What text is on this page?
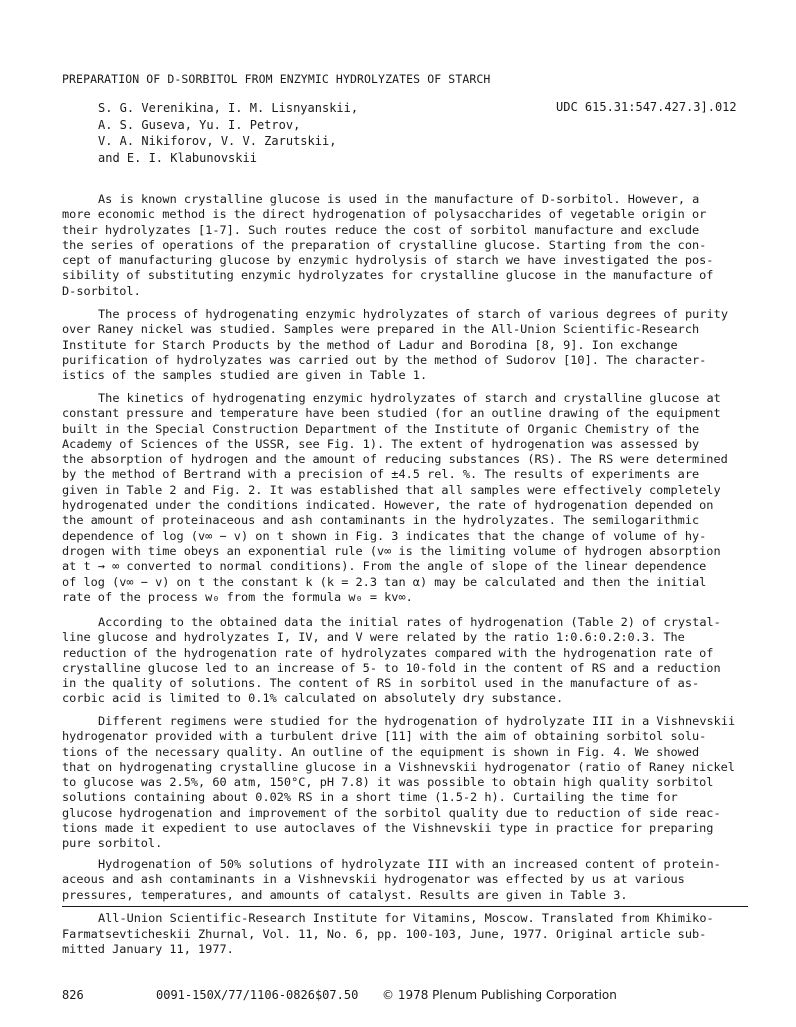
PREPARATION OF D-SORBITOL FROM ENZYMIC HYDROLYZATES OF STARCH
S. G. Verenikina, I. M. Lisnyanskii,
A. S. Guseva, Yu. I. Petrov,
V. A. Nikiforov, V. V. Zarutskii,
and E. I. Klabunovskii
UDC 615.31:547.427.3].012
As is known crystalline glucose is used in the manufacture of D-sorbitol. However, a
more economic method is the direct hydrogenation of polysaccharides of vegetable origin or
their hydrolyzates [1-7]. Such routes reduce the cost of sorbitol manufacture and exclude
the series of operations of the preparation of crystalline glucose. Starting from the con-
cept of manufacturing glucose by enzymic hydrolysis of starch we have investigated the pos-
sibility of substituting enzymic hydrolyzates for crystalline glucose in the manufacture of
D-sorbitol.
The process of hydrogenating enzymic hydrolyzates of starch of various degrees of purity
over Raney nickel was studied. Samples were prepared in the All-Union Scientific-Research
Institute for Starch Products by the method of Ladur and Borodina [8, 9]. Ion exchange
purification of hydrolyzates was carried out by the method of Sudorov [10]. The character-
istics of the samples studied are given in Table 1.
The kinetics of hydrogenating enzymic hydrolyzates of starch and crystalline glucose at
constant pressure and temperature have been studied (for an outline drawing of the equipment
built in the Special Construction Department of the Institute of Organic Chemistry of the
Academy of Sciences of the USSR, see Fig. 1). The extent of hydrogenation was assessed by
the absorption of hydrogen and the amount of reducing substances (RS). The RS were determined
by the method of Bertrand with a precision of ±4.5 rel. %. The results of experiments are
given in Table 2 and Fig. 2. It was established that all samples were effectively completely
hydrogenated under the conditions indicated. However, the rate of hydrogenation depended on
the amount of proteinaceous and ash contaminants in the hydrolyzates. The semilogarithmic
dependence of log (v∞ − v) on t shown in Fig. 3 indicates that the change of volume of hy-
drogen with time obeys an exponential rule (v∞ is the limiting volume of hydrogen absorption
at t → ∞ converted to normal conditions). From the angle of slope of the linear dependence
of log (v∞ − v) on t the constant k (k = 2.3 tan α) may be calculated and then the initial
rate of the process w₀ from the formula w₀ = kv∞.
According to the obtained data the initial rates of hydrogenation (Table 2) of crystal-
line glucose and hydrolyzates I, IV, and V were related by the ratio 1:0.6:0.2:0.3. The
reduction of the hydrogenation rate of hydrolyzates compared with the hydrogenation rate of
crystalline glucose led to an increase of 5- to 10-fold in the content of RS and a reduction
in the quality of solutions. The content of RS in sorbitol used in the manufacture of as-
corbic acid is limited to 0.1% calculated on absolutely dry substance.
Different regimens were studied for the hydrogenation of hydrolyzate III in a Vishnevskii
hydrogenator provided with a turbulent drive [11] with the aim of obtaining sorbitol solu-
tions of the necessary quality. An outline of the equipment is shown in Fig. 4. We showed
that on hydrogenating crystalline glucose in a Vishnevskii hydrogenator (ratio of Raney nickel
to glucose was 2.5%, 60 atm, 150°C, pH 7.8) it was possible to obtain high quality sorbitol
solutions containing about 0.02% RS in a short time (1.5-2 h). Curtailing the time for
glucose hydrogenation and improvement of the sorbitol quality due to reduction of side reac-
tions made it expedient to use autoclaves of the Vishnevskii type in practice for preparing
pure sorbitol.
Hydrogenation of 50% solutions of hydrolyzate III with an increased content of protein-
aceous and ash contaminants in a Vishnevskii hydrogenator was effected by us at various
pressures, temperatures, and amounts of catalyst. Results are given in Table 3.
All-Union Scientific-Research Institute for Vitamins, Moscow. Translated from Khimiko-
Farmatsevticheskii Zhurnal, Vol. 11, No. 6, pp. 100-103, June, 1977. Original article sub-
mitted January 11, 1977.
826	0091-150X/77/1106-0826$07.50 © 1978 Plenum Publishing Corporation
